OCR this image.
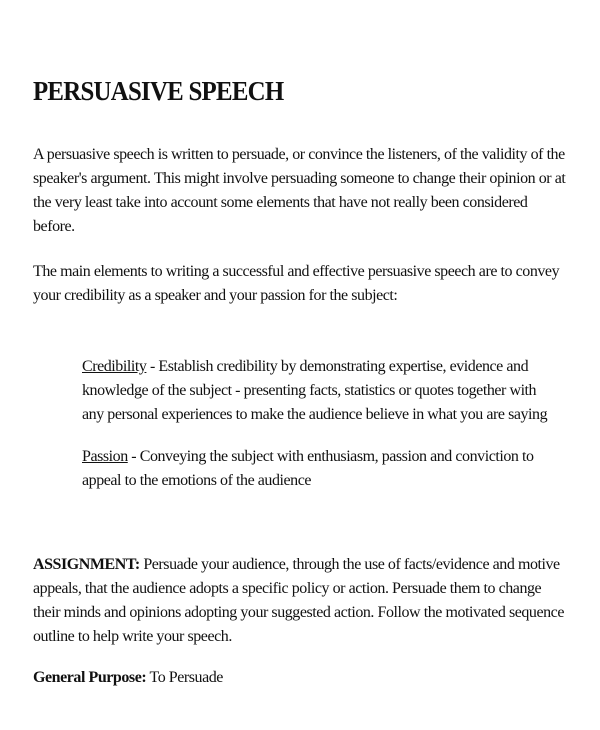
PERSUASIVE SPEECH

A persuasive speech is written to persuade, or convince the listeners, of the validity of the speaker's argument. This might involve persuading someone to change their opinion or at the very least take into account some elements that have not really been considered before.

The main elements to writing a successful and effective persuasive speech are to convey your credibility as a speaker and your passion for the subject:

Credibility - Establish credibility by demonstrating expertise, evidence and knowledge of the subject - presenting facts, statistics or quotes together with any personal experiences to make the audience believe in what you are saying

Passion - Conveying the subject with enthusiasm, passion and conviction to appeal to the emotions of the audience

ASSIGNMENT: Persuade your audience, through the use of facts/evidence and motive appeals, that the audience adopts a specific policy or action. Persuade them to change their minds and opinions adopting your suggested action. Follow the motivated sequence outline to help write your speech.

General Purpose: To Persuade
